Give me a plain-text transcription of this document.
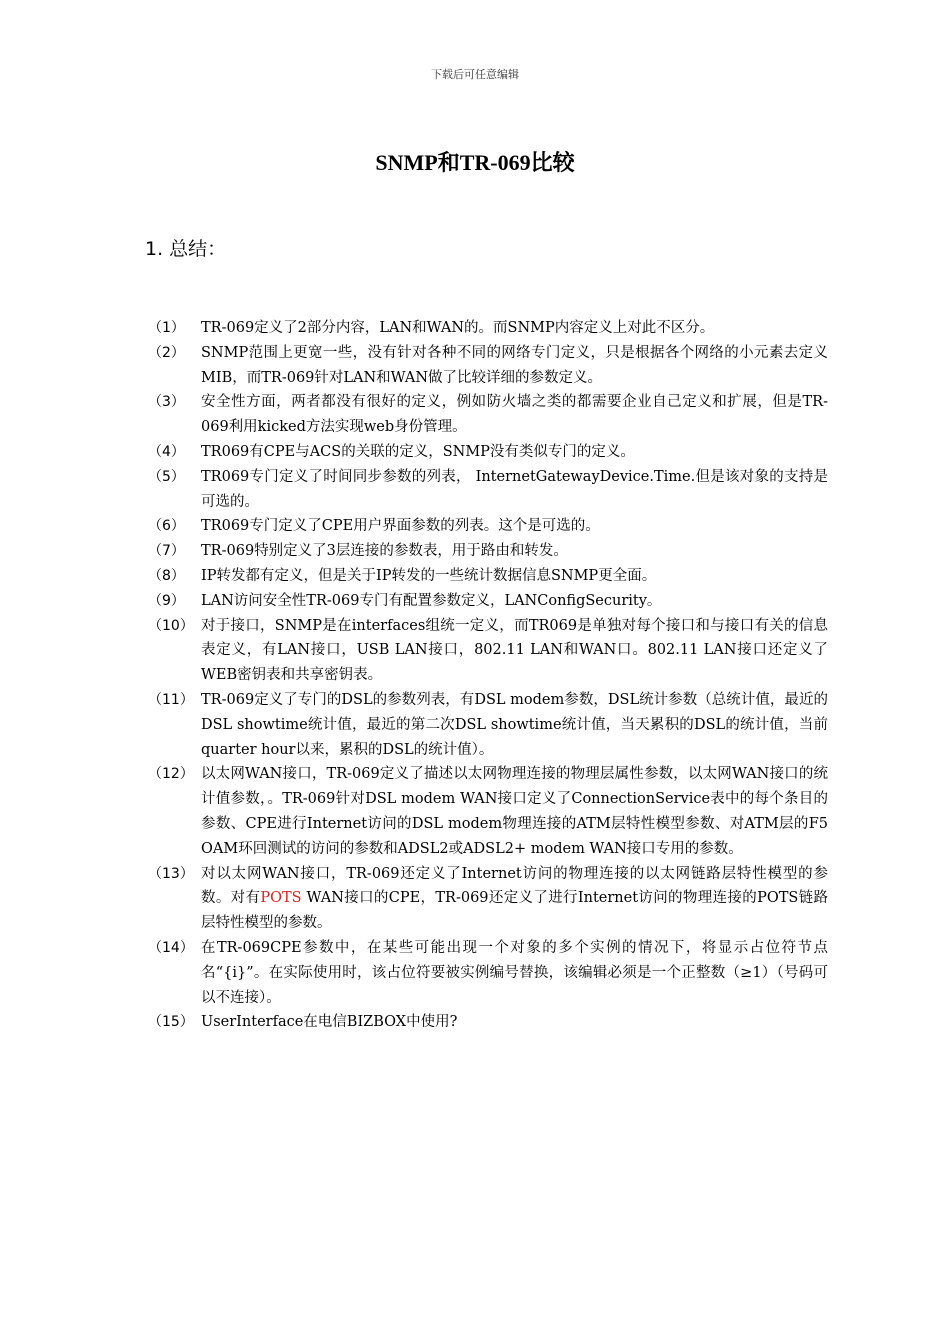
下载后可任意编辑
SNMP和TR-069比较
1. 总结：
（1）	TR-069定义了2部分内容，LAN和WAN的。而SNMP内容定义上对此不区分。
（2）	SNMP范围上更宽一些，没有针对各种不同的网络专门定义，只是根据各个网络的小元素去定义MIB，而TR-069针对LAN和WAN做了比较详细的参数定义。
（3）	安全性方面，两者都没有很好的定义，例如防火墙之类的都需要企业自己定义和扩展，但是TR-069利用kicked方法实现web身份管理。
（4）	TR069有CPE与ACS的关联的定义，SNMP没有类似专门的定义。
（5）	TR069专门定义了时间同步参数的列表， InternetGatewayDevice.Time.但是该对象的支持是可选的。
（6）	TR069专门定义了CPE用户界面参数的列表。这个是可选的。
（7）	TR-069特别定义了3层连接的参数表，用于路由和转发。
（8）	IP转发都有定义，但是关于IP转发的一些统计数据信息SNMP更全面。
（9）	LAN访问安全性TR-069专门有配置参数定义，LANConfigSecurity。
（10） 对于接口，SNMP是在interfaces组统一定义，而TR069是单独对每个接口和与接口有关的信息表定义，有LAN接口，USB LAN接口，802.11 LAN和WAN口。802.11 LAN接口还定义了WEB密钥表和共享密钥表。
（11） TR-069定义了专门的DSL的参数列表，有DSL modem参数，DSL统计参数（总统计值，最近的DSL showtime统计值，最近的第二次DSL showtime统计值，当天累积的DSL的统计值，当前quarter hour以来，累积的DSL的统计值）。
（12） 以太网WAN接口，TR-069定义了描述以太网物理连接的物理层属性参数，以太网WAN接口的统计值参数，。TR-069针对DSL modem WAN接口定义了ConnectionService表中的每个条目的参数、CPE进行Internet访问的DSL modem物理连接的ATM层特性模型参数、对ATM层的F5 OAM环回测试的访问的参数和ADSL2或ADSL2+ modem WAN接口专用的参数。
（13） 对以太网WAN接口，TR-069还定义了Internet访问的物理连接的以太网链路层特性模型的参数。对有POTS WAN接口的CPE，TR-069还定义了进行Internet访问的物理连接的POTS链路层特性模型的参数。
（14） 在TR-069CPE参数中，在某些可能出现一个对象的多个实例的情况下，将显示占位符节点名“{i}”。在实际使用时，该占位符要被实例编号替换，该编辑必须是一个正整数（≥1）（号码可以不连接）。
（15） UserInterface在电信BIZBOX中使用?
